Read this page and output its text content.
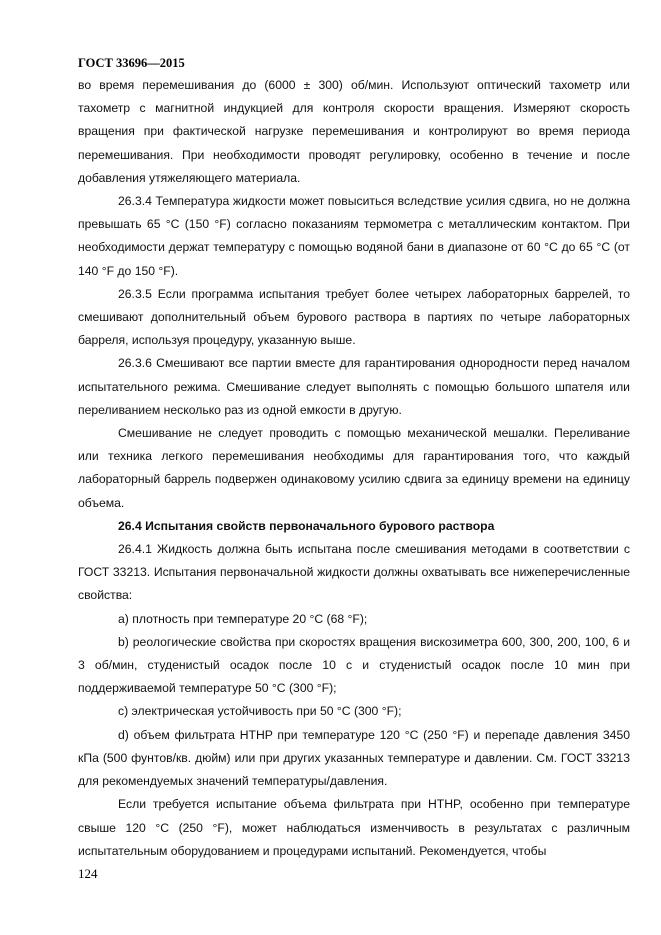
ГОСТ 33696—2015

во время перемешивания до (6000 ± 300) об/мин. Используют оптический тахометр или тахометр с магнитной индукцией для контроля скорости вращения. Измеряют скорость вращения при фактической нагрузке перемешивания и контролируют во время периода перемешивания. При необходимости проводят регулировку, особенно в течение и после добавления утяжеляющего материала.

26.3.4 Температура жидкости может повыситься вследствие усилия сдвига, но не должна превышать 65 °С (150 °F) согласно показаниям термометра с металлическим контактом. При необходимости держат температуру с помощью водяной бани в диапазоне от 60 °С до 65 °С (от 140 °F до 150 °F).

26.3.5 Если программа испытания требует более четырех лабораторных баррелей, то смешивают дополнительный объем бурового раствора в партиях по четыре лабораторных барреля, используя процедуру, указанную выше.

26.3.6 Смешивают все партии вместе для гарантирования однородности перед началом испытательного режима. Смешивание следует выполнять с помощью большого шпателя или переливанием несколько раз из одной емкости в другую.

Смешивание не следует проводить с помощью механической мешалки. Переливание или техника легкого перемешивания необходимы для гарантирования того, что каждый лабораторный баррель подвержен одинаковому усилию сдвига за единицу времени на единицу объема.

26.4 Испытания свойств первоначального бурового раствора

26.4.1 Жидкость должна быть испытана после смешивания методами в соответствии с ГОСТ 33213. Испытания первоначальной жидкости должны охватывать все нижеперечисленные свойства:

а) плотность при температуре 20 °С (68 °F);

b) реологические свойства при скоростях вращения вискозиметра 600, 300, 200, 100, 6 и 3 об/мин, студенистый осадок после 10 с и студенистый осадок после 10 мин при поддерживаемой температуре 50 °С (300 °F);

с) электрическая устойчивость при 50 °С (300 °F);

d) объем фильтрата HTHP при температуре 120 °С (250 °F) и перепаде давления 3450 кПа (500 фунтов/кв. дюйм) или при других указанных температуре и давлении. См. ГОСТ 33213 для рекомендуемых значений температуры/давления.

Если требуется испытание объема фильтрата при HTHP, особенно при температуре свыше 120 °С (250 °F), может наблюдаться изменчивость в результатах с различным испытательным оборудованием и процедурами испытаний. Рекомендуется, чтобы

124
